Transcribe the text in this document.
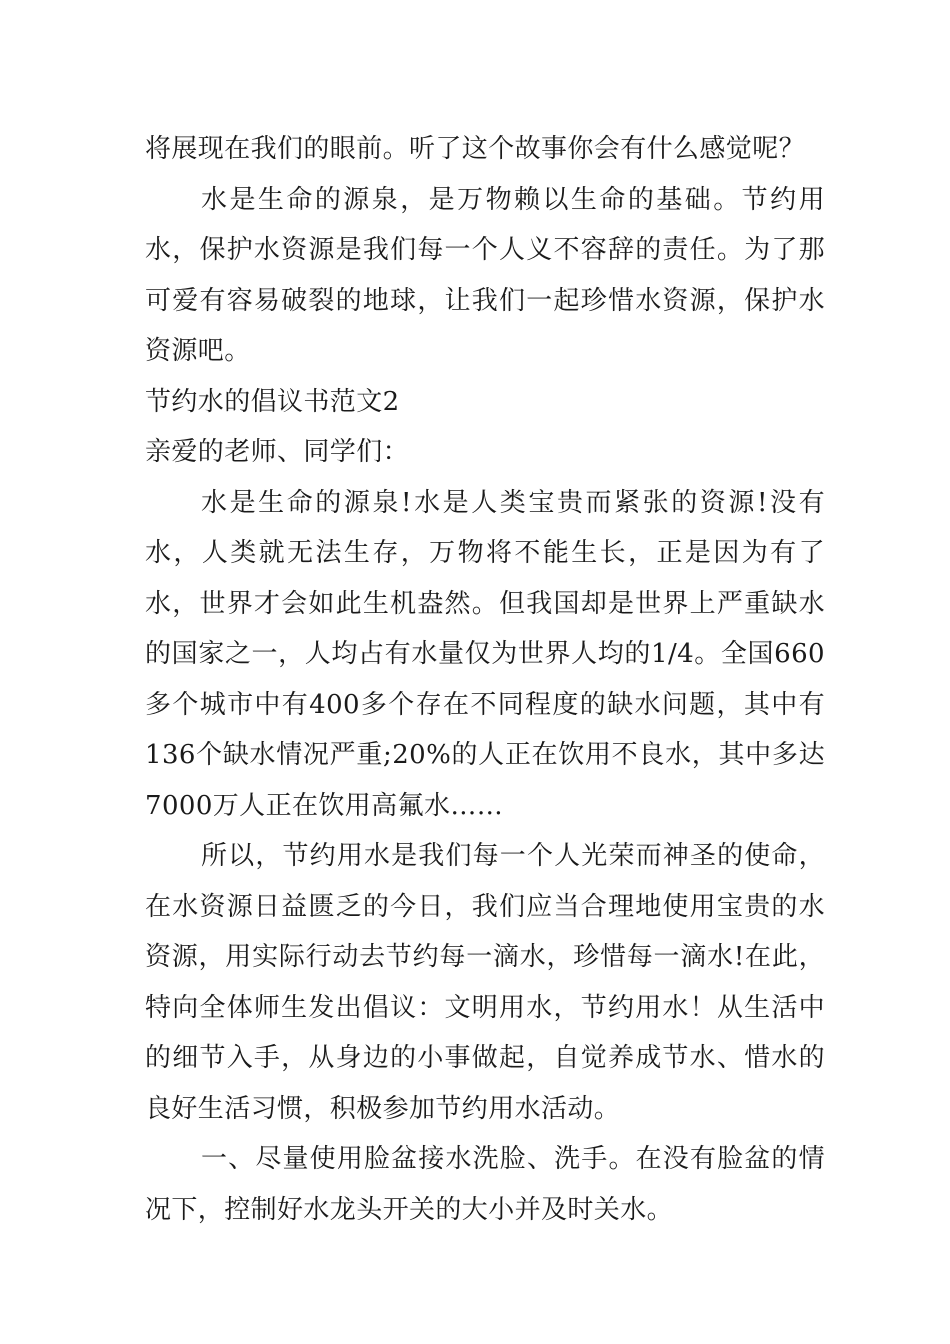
将展现在我们的眼前。听了这个故事你会有什么感觉呢？

水是生命的源泉，是万物赖以生命的基础。节约用水，保护水资源是我们每一个人义不容辞的责任。为了那可爱有容易破裂的地球，让我们一起珍惜水资源，保护水资源吧。

节约水的倡议书范文2

亲爱的老师、同学们：

水是生命的源泉!水是人类宝贵而紧张的资源!没有水，人类就无法生存，万物将不能生长，正是因为有了水，世界才会如此生机盎然。但我国却是世界上严重缺水的国家之一，人均占有水量仅为世界人均的1/4。全国660多个城市中有400多个存在不同程度的缺水问题，其中有136个缺水情况严重;20%的人正在饮用不良水，其中多达7000万人正在饮用高氟水……

所以，节约用水是我们每一个人光荣而神圣的使命，在水资源日益匮乏的今日，我们应当合理地使用宝贵的水资源，用实际行动去节约每一滴水，珍惜每一滴水!在此，特向全体师生发出倡议：文明用水，节约用水！从生活中的细节入手，从身边的小事做起，自觉养成节水、惜水的良好生活习惯，积极参加节约用水活动。

一、尽量使用脸盆接水洗脸、洗手。在没有脸盆的情况下，控制好水龙头开关的大小并及时关水。
